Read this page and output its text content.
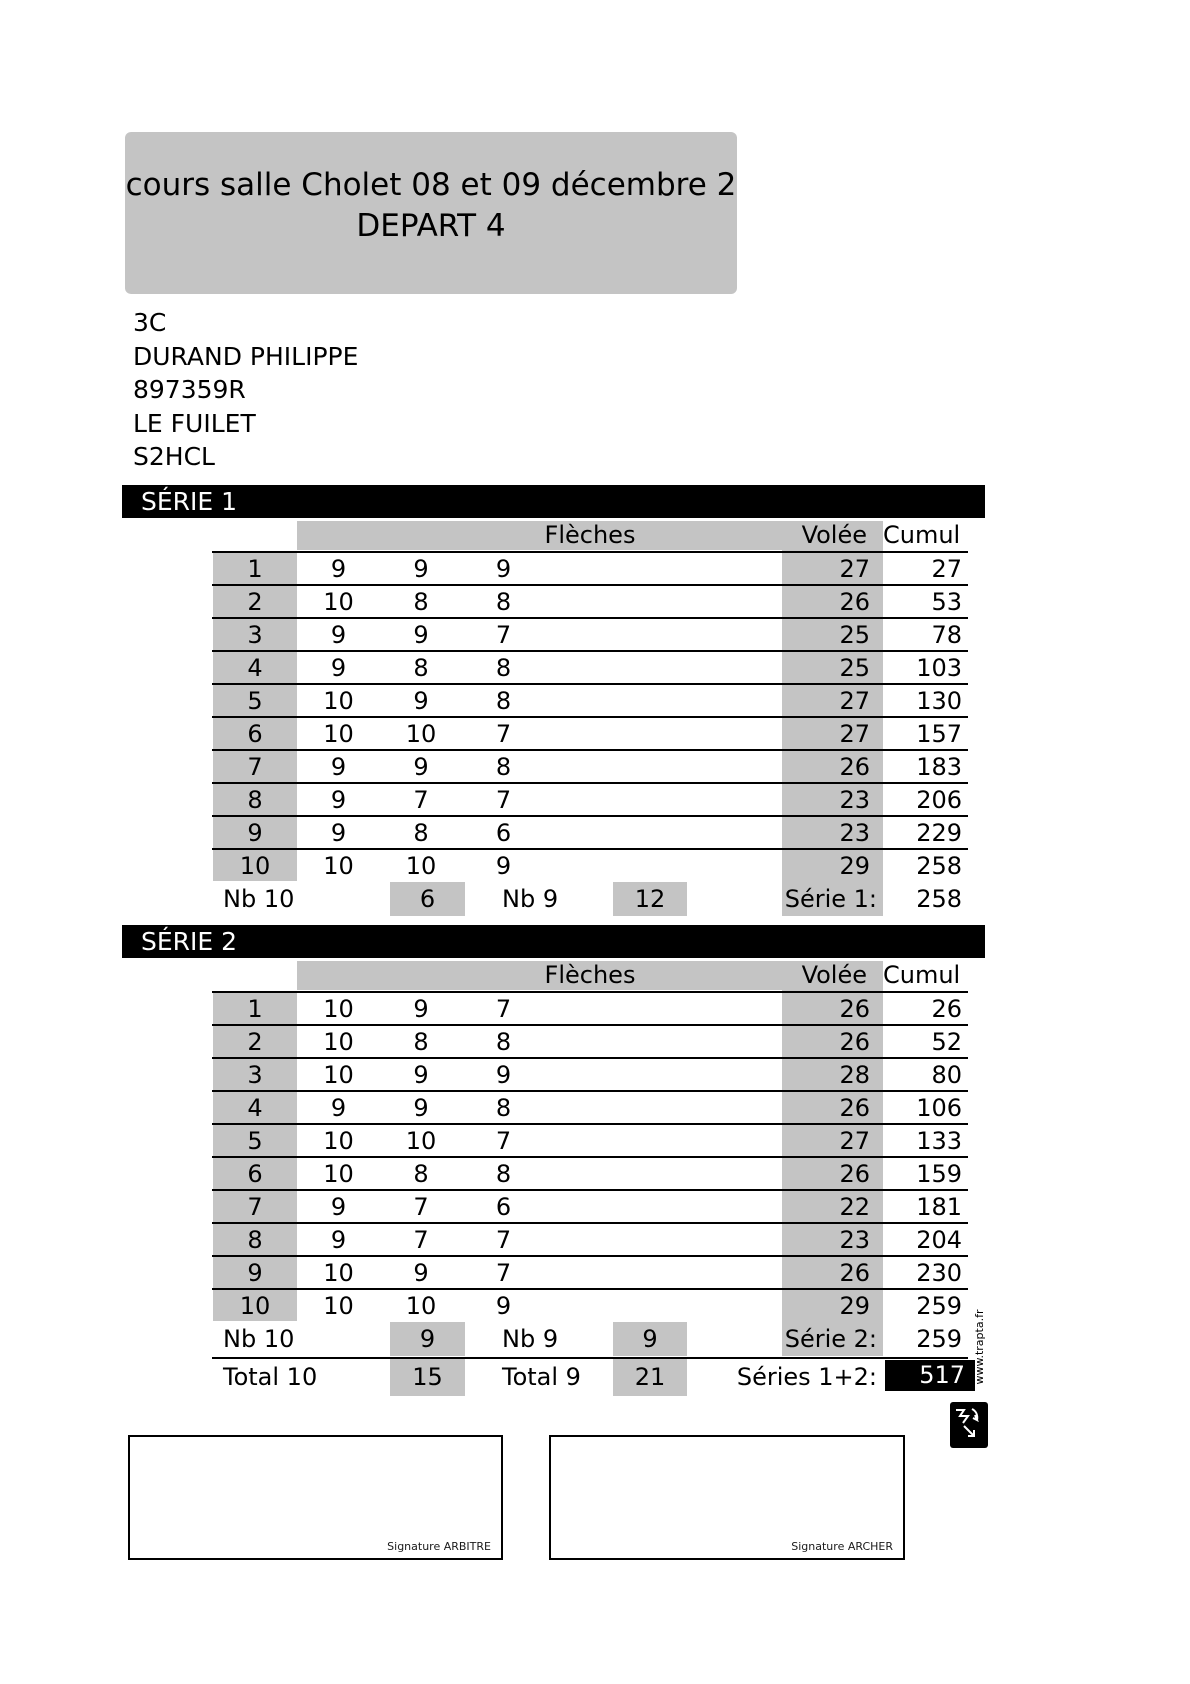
cours salle Cholet 08 et 09 décembre 2
DEPART 4
3C
DURAND PHILIPPE
897359R
LE FUILET
S2HCL
SÉRIE 1
Flèches	Volée Cumul
1	9	9	9	27	27
2	10	8	8	26	53
3	9	9	7	25	78
4	9	8	8	25	103
5	10	9	8	27	130
6	10	10	7	27	157
7	9	9	8	26	183
8	9	7	7	23	206
9	9	8	6	23	229
10	10	10	9	29	258
Nb 10	6	Nb 9	12	Série 1:	258
SÉRIE 2
Flèches	Volée Cumul
1	10	9	7	26	26
2	10	8	8	26	52
3	10	9	9	28	80
4	9	9	8	26	106
5	10	10	7	27	133
6	10	8	8	26	159
7	9	7	6	22	181
8	9	7	7	23	204
9	10	9	7	26	230
10	10	10	9	29	259
Nb 10	9	Nb 9	9	Série 2:	259
Total 10	15	Total 9	21	Séries 1+2:	517
Signature ARBITRE	Signature ARCHER
www.trapta.fr
